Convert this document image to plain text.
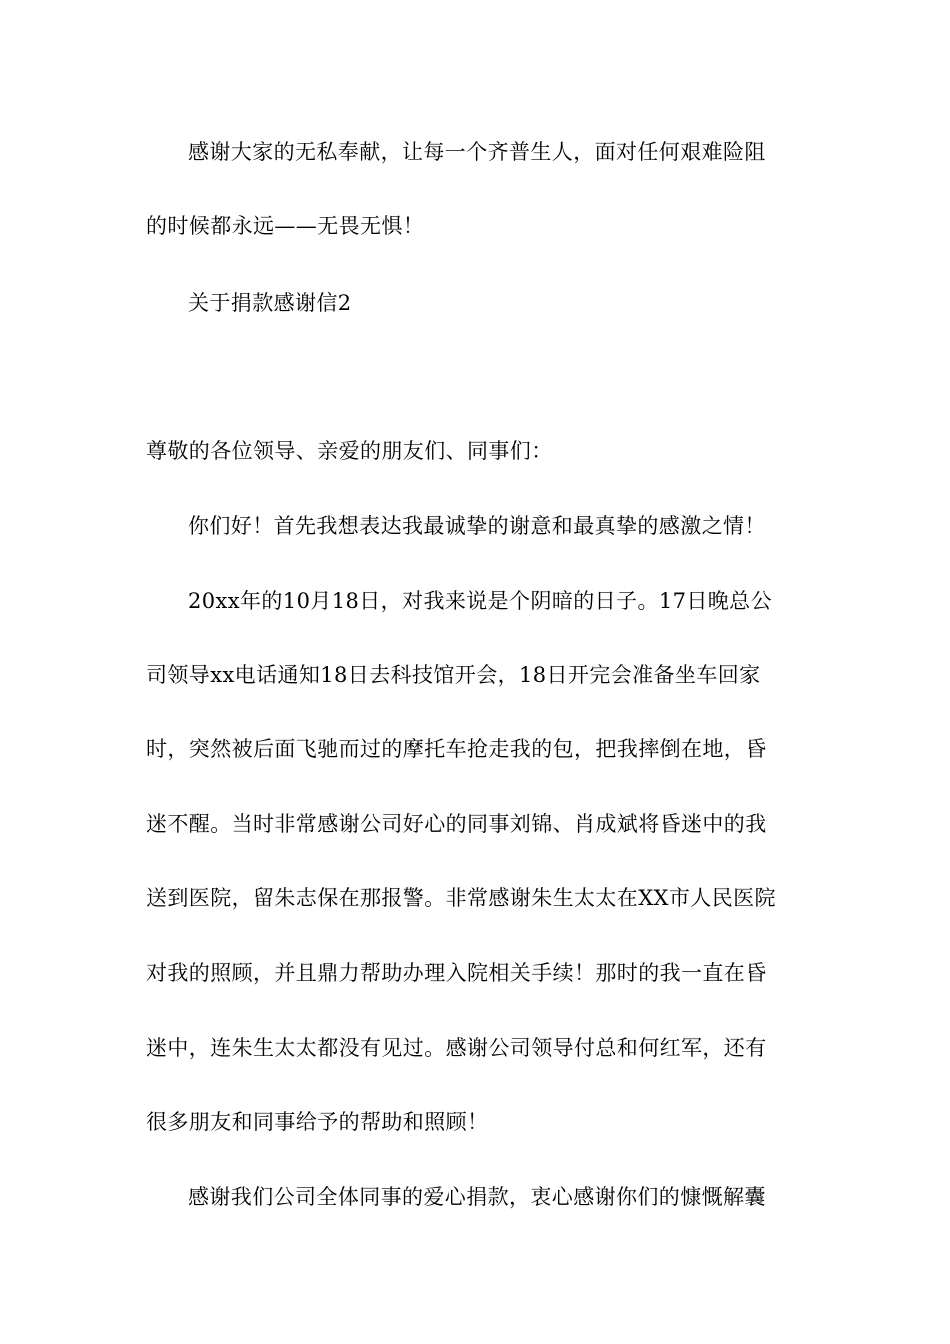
感谢大家的无私奉献，让每一个齐普生人，面对任何艰难险阻
的时候都永远——无畏无惧！
关于捐款感谢信2
尊敬的各位领导、亲爱的朋友们、同事们：
你们好！首先我想表达我最诚挚的谢意和最真挚的感激之情！
20xx年的10月18日，对我来说是个阴暗的日子。17日晚总公
司领导xx电话通知18日去科技馆开会，18日开完会准备坐车回家
时，突然被后面飞驰而过的摩托车抢走我的包，把我摔倒在地，昏
迷不醒。当时非常感谢公司好心的同事刘锦、肖成斌将昏迷中的我
送到医院，留朱志保在那报警。非常感谢朱生太太在XX市人民医院
对我的照顾，并且鼎力帮助办理入院相关手续！那时的我一直在昏
迷中，连朱生太太都没有见过。感谢公司领导付总和何红军，还有
很多朋友和同事给予的帮助和照顾！
感谢我们公司全体同事的爱心捐款，衷心感谢你们的慷慨解囊
